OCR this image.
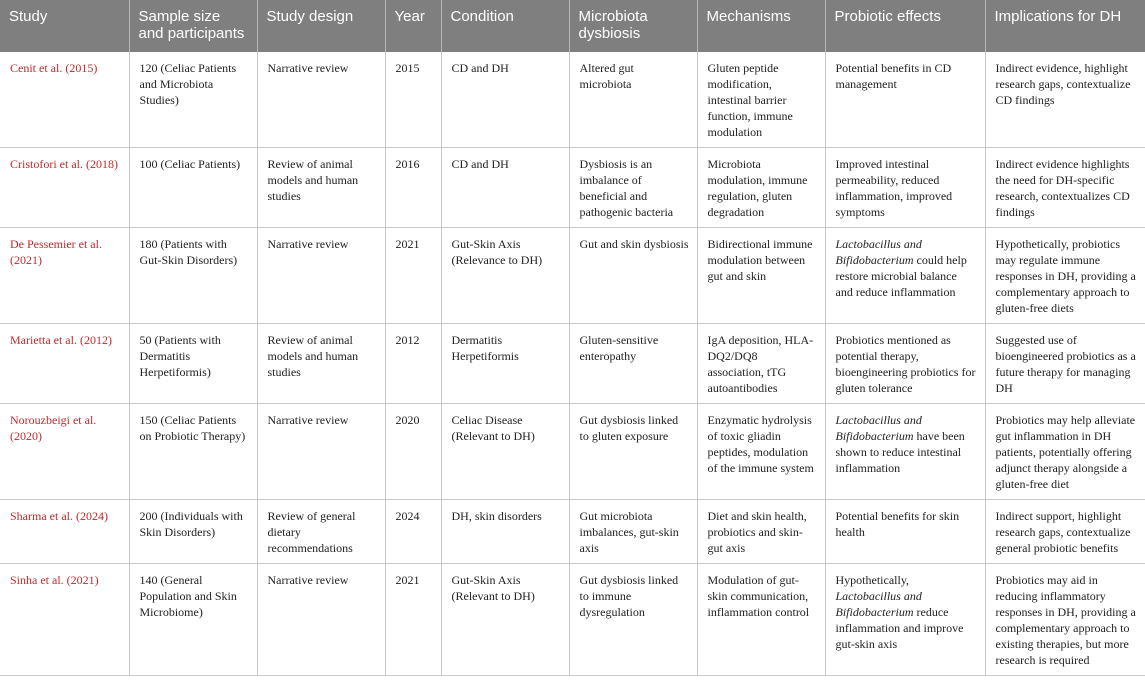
Study	Sample size and participants	Study design	Year	Condition	Microbiota dysbiosis	Mechanisms	Probiotic effects	Implications for DH
Cenit et al. (2015)	120 (Celiac Patients and Microbiota Studies)	Narrative review	2015	CD and DH	Altered gut microbiota	Gluten peptide modification, intestinal barrier function, immune modulation	Potential benefits in CD management	Indirect evidence, highlight research gaps, contextualize CD findings
Cristofori et al. (2018)	100 (Celiac Patients)	Review of animal models and human studies	2016	CD and DH	Dysbiosis is an imbalance of beneficial and pathogenic bacteria	Microbiota modulation, immune regulation, gluten degradation	Improved intestinal permeability, reduced inflammation, improved symptoms	Indirect evidence highlights the need for DH-specific research, contextualizes CD findings
De Pessemier et al. (2021)	180 (Patients with Gut-Skin Disorders)	Narrative review	2021	Gut-Skin Axis (Relevance to DH)	Gut and skin dysbiosis	Bidirectional immune modulation between gut and skin	Lactobacillus and Bifidobacterium could help restore microbial balance and reduce inflammation	Hypothetically, probiotics may regulate immune responses in DH, providing a complementary approach to gluten-free diets
Marietta et al. (2012)	50 (Patients with Dermatitis Herpetiformis)	Review of animal models and human studies	2012	Dermatitis Herpetiformis	Gluten-sensitive enteropathy	IgA deposition, HLA-DQ2/DQ8 association, tTG autoantibodies	Probiotics mentioned as potential therapy, bioengineering probiotics for gluten tolerance	Suggested use of bioengineered probiotics as a future therapy for managing DH
Norouzbeigi et al. (2020)	150 (Celiac Patients on Probiotic Therapy)	Narrative review	2020	Celiac Disease (Relevant to DH)	Gut dysbiosis linked to gluten exposure	Enzymatic hydrolysis of toxic gliadin peptides, modulation of the immune system	Lactobacillus and Bifidobacterium have been shown to reduce intestinal inflammation	Probiotics may help alleviate gut inflammation in DH patients, potentially offering adjunct therapy alongside a gluten-free diet
Sharma et al. (2024)	200 (Individuals with Skin Disorders)	Review of general dietary recommendations	2024	DH, skin disorders	Gut microbiota imbalances, gut-skin axis	Diet and skin health, probiotics and skin-gut axis	Potential benefits for skin health	Indirect support, highlight research gaps, contextualize general probiotic benefits
Sinha et al. (2021)	140 (General Population and Skin Microbiome)	Narrative review	2021	Gut-Skin Axis (Relevant to DH)	Gut dysbiosis linked to immune dysregulation	Modulation of gut-skin communication, inflammation control	Hypothetically, Lactobacillus and Bifidobacterium reduce inflammation and improve gut-skin axis	Probiotics may aid in reducing inflammatory responses in DH, providing a complementary approach to existing therapies, but more research is required
